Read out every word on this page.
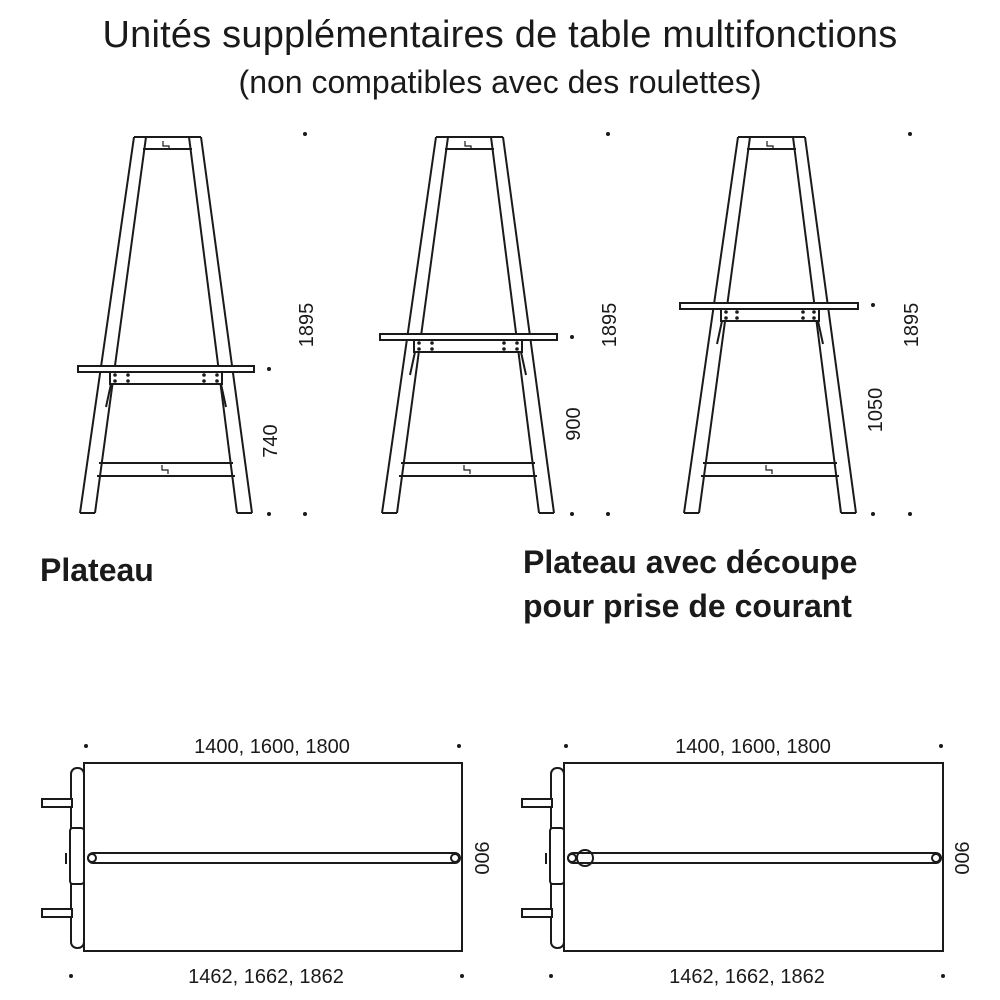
Unités supplémentaires de table multifonctions
(non compatibles avec des roulettes)
Plateau	Plateau avec découpe pour prise de courant
1895
740
1895
900
1895
1050
1400, 1600, 1800
1462, 1662, 1862
900
1400, 1600, 1800
1462, 1662, 1862
900
